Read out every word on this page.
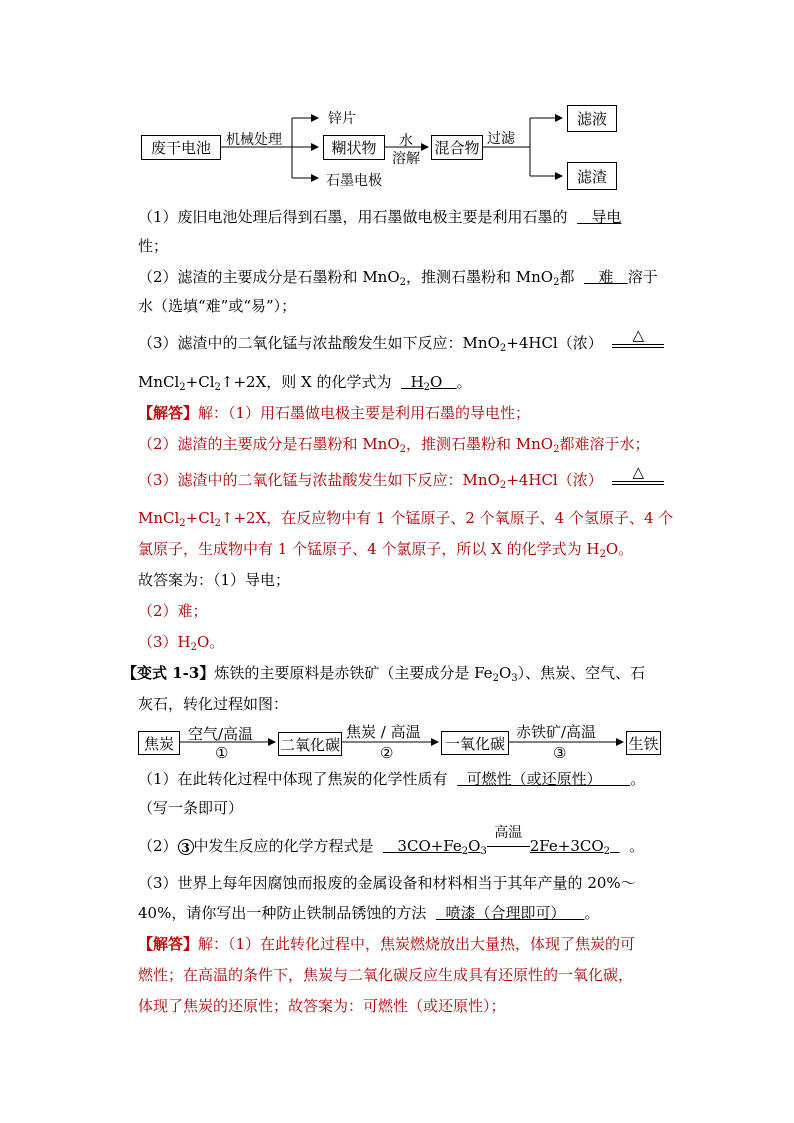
废干电池	机械处理
锌片
糊状物
石墨电极
水
溶解
混合物 过滤
滤液
滤渣
（1）废旧电池处理后得到石墨，用石墨做电极主要是利用石墨的 导电
性；
（2）滤渣的主要成分是石墨粉和 MnO$_2$，推测石墨粉和 MnO$_2$都 难 溶于
水（选填“难”或“易”）；
（3）滤渣中的二氧化锰与浓盐酸发生如下反应：MnO$_2$+4HCl（浓）	△
$MnCl_2+Cl_2↑+2X$，则 X 的化学式为 $H_2O$ 。
【解答】解：（1）用石墨做电极主要是利用石墨的导电性；
（2）滤渣的主要成分是石墨粉和 MnO$_2$，推测石墨粉和 MnO$_2$都难溶于水；
（3）滤渣中的二氧化锰与浓盐酸发生如下反应：MnO$_2$+4HCl（浓）	△
$MnCl_2+Cl_2↑+2X$，在反应物中有 1 个锰原子、2 个氧原子、4 个氢原子、4 个
氯原子，生成物中有 1 个锰原子、4 个氯原子，所以 X 的化学式为 $H_2O$。
故答案为：（1）导电；
（2）难；
$(3)H_2O$。
【变式 1-3】炼铁的主要原料是赤铁矿（主要成分是 $Fe_2O_3$）、焦炭、空气、石
灰石，转化过程如图：
焦炭
空气/高温
①	二氧化碳
焦炭 / 高温
②
一氧化碳
赤铁矿/高温
③
生铁
（1）在此转化过程中体现了焦炭的化学性质有 可燃性（或还原性） 。
（写一条即可）
（2） 3 中发生反应的化学方程式是 $3CO+Fe_2O_3$
高温
$2Fe+3CO_2$ 。
（3）世界上每年因腐蚀而报废的金属设备和材料相当于其年产量的 20%～
40%，请你写出一种防止铁制品锈蚀的方法 喷漆（合理即可） 。
【解答】解：（1）在此转化过程中，焦炭燃烧放出大量热，体现了焦炭的可
燃性；在高温的条件下，焦炭与二氧化碳反应生成具有还原性的一氧化碳，
体现了焦炭的还原性；故答案为：可燃性（或还原性）；
